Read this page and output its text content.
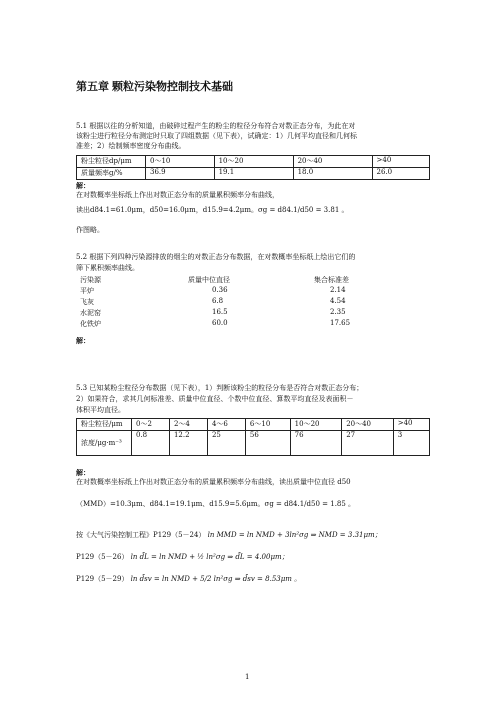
第五章 颗粒污染物控制技术基础
5.1 根据以往的分析知道，由破碎过程产生的粉尘的粒径分布符合对数正态分布，为此在对
该粉尘进行粒径分布测定时只取了四组数据（见下表），试确定：1）几何平均直径和几何标
准差；2）绘制频率密度分布曲线。
粉尘粒径dp/μm	0～10	10～20	20～40	>40
质量频率g/%	36.9	19.1	18.0	26.0
解：
在对数概率坐标纸上作出对数正态分布的质量累积频率分布曲线，
读出d84.1=61.0μm，d50=16.0μm，d15.9=4.2μm。σg = d84.1/d50 = 3.81 。
作图略。
5.2 根据下列四种污染源排放的烟尘的对数正态分布数据，在对数概率坐标纸上绘出它们的
筛下累积频率曲线。
污染源	质量中位直径	集合标准差
平炉	0.36	2.14
飞灰	6.8	4.54
水泥窑	16.5	2.35
化铁炉	60.0	17.65
解：
5.3 已知某粉尘粒径分布数据（见下表），1）判断该粉尘的粒径分布是否符合对数正态分布；
2）如果符合，求其几何标准差、质量中位直径、个数中位直径、算数平均直径及表面积－
体积平均直径。
粉尘粒径/μm	0～2	2～4	4～6	6～10	10～20	20～40	>40
浓度/μg·m⁻³	0.8	12.2	25	56	76	27	3
解：
在对数概率坐标纸上作出对数正态分布的质量累积频率分布曲线，读出质量中位直径 d50
（MMD）=10.3μm、d84.1=19.1μm、d15.9=5.6μm。σg = d84.1/d50 = 1.85 。
按《大气污染控制工程》P129（5－24） ln MMD = ln NMD + 3ln²σg ⇒ NMD = 3.31μm；
P129（5－26） ln d̄L = ln NMD + ½ ln²σg ⇒ d̄L = 4.00μm；
P129（5－29） ln d̄sv = ln NMD + 5/2 ln²σg ⇒ d̄sv = 8.53μm 。
1
